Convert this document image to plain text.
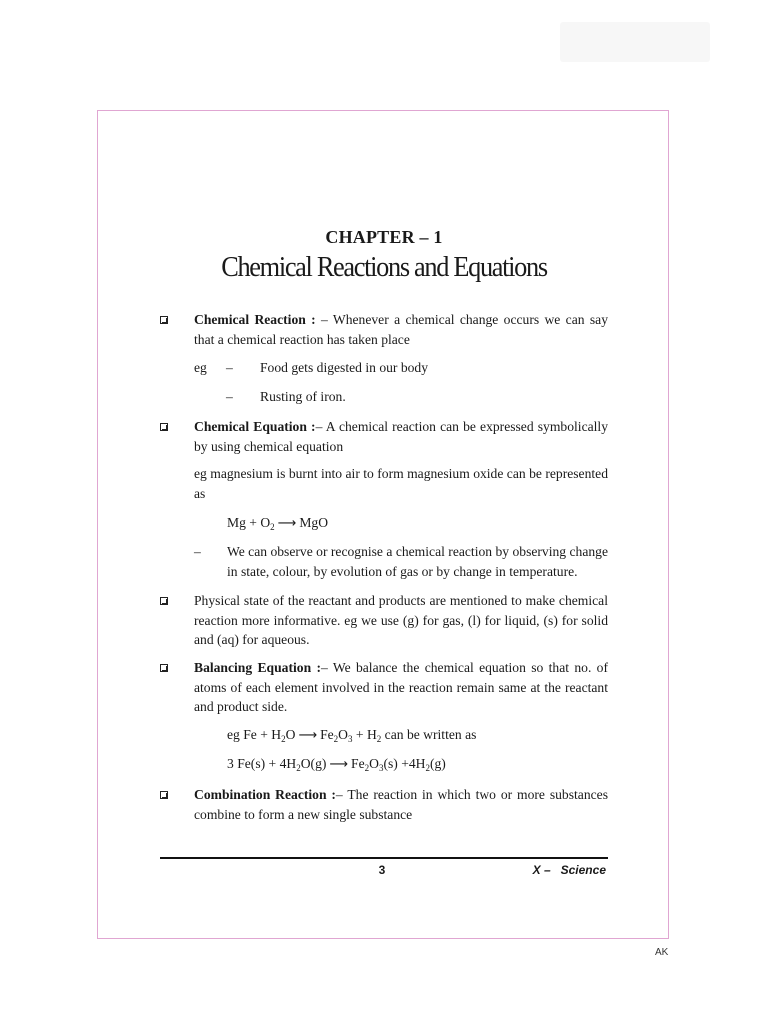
CHAPTER – 1
Chemical Reactions and Equations
Chemical Reaction : – Whenever a chemical change occurs we can say that a chemical reaction has taken place
eg – Food gets digested in our body
– Rusting of iron.
Chemical Equation :– A chemical reaction can be expressed symbolically by using chemical equation
eg magnesium is burnt into air to form magnesium oxide can be represented as
$Mg + O_2$ ⟶ MgO
– We can observe or recognise a chemical reaction by observing change in state, colour, by evolution of gas or by change in temperature.
Physical state of the reactant and products are mentioned to make chemical reaction more informative. eg we use (g) for gas, (l) for liquid, (s) for solid and (aq) for aqueous.
Balancing Equation :– We balance the chemical equation so that no. of atoms of each element involved in the reaction remain same at the reactant and product side.
eg $Fe + H_2O$ ⟶ $Fe_2O_3 + H_2$ can be written as
3 $Fe(s) + 4H_2O(g)$ ⟶ $Fe_2O_3(s) +4H_2(g)$
Combination Reaction :– The reaction in which two or more substances combine to form a new single substance
3	X –   Science
AK
